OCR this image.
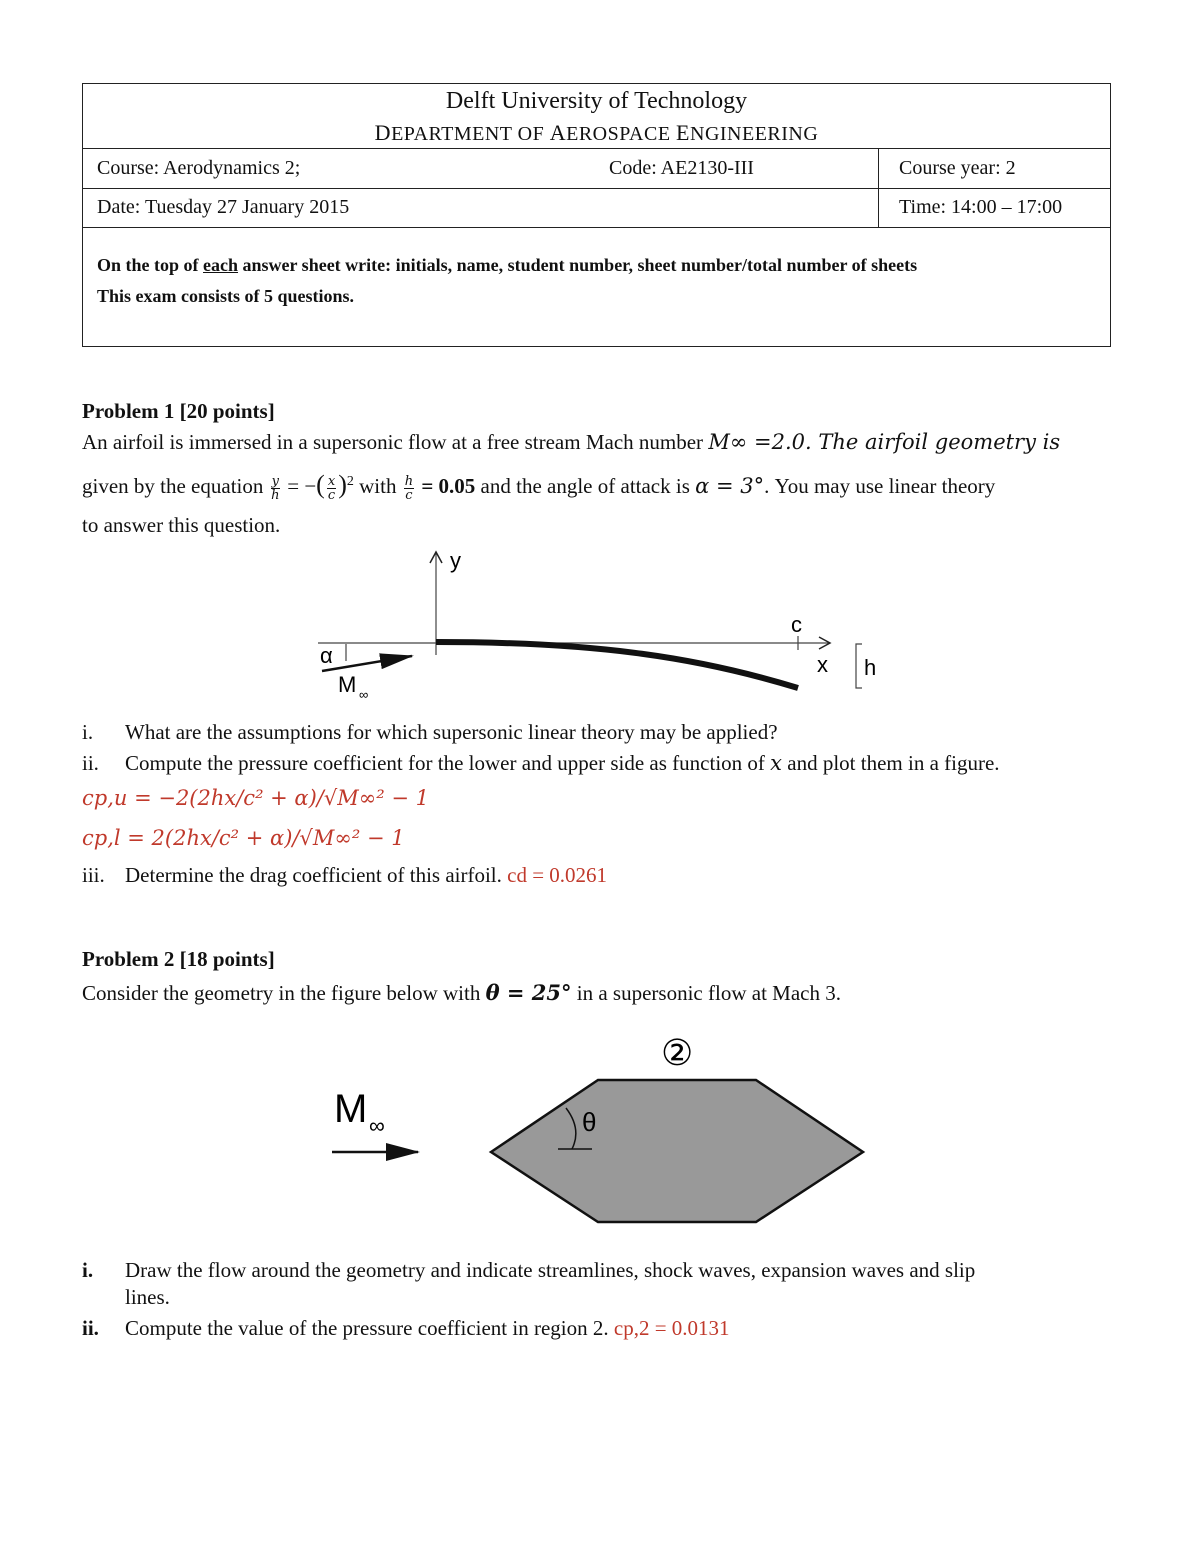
Delft University of Technology
DEPARTMENT OF AEROSPACE ENGINEERING
Course: Aerodynamics 2;	Code: AE2130-III	Course year: 2
Date: Tuesday 27 January 2015	Time: 14:00 – 17:00
On the top of each answer sheet write: initials, name, student number, sheet number/total number of sheets
This exam consists of 5 questions.
Problem 1 [20 points]
An airfoil is immersed in a supersonic flow at a free stream Mach number M∞ =2.0. The airfoil geometry is
given by the equation $\frac{y}{h}$ = −( $\frac{x}{c} )^2$ with $\frac{h}{c} = 0.05$ and the angle of attack is α = 3°. You may use linear theory
to answer this question.
y
c
x h
α
M ∞
i. What are the assumptions for which supersonic linear theory may be applied?
ii. Compute the pressure coefficient for the lower and upper side as function of x and plot them in a figure.
cp,u = −2(2hx/c² + α)/√M∞² − 1
cp,l = 2(2hx/c² + α)/√M∞² − 1
iii. Determine the drag coefficient of this airfoil. cd = 0.0261
Problem 2 [18 points]
Consider the geometry in the figure below with θ = 25° in a supersonic flow at Mach 3.
②
θ
M ∞
i. Draw the flow around the geometry and indicate streamlines, shock waves, expansion waves and slip
lines.
ii. Compute the value of the pressure coefficient in region 2. cp,2 = 0.0131
